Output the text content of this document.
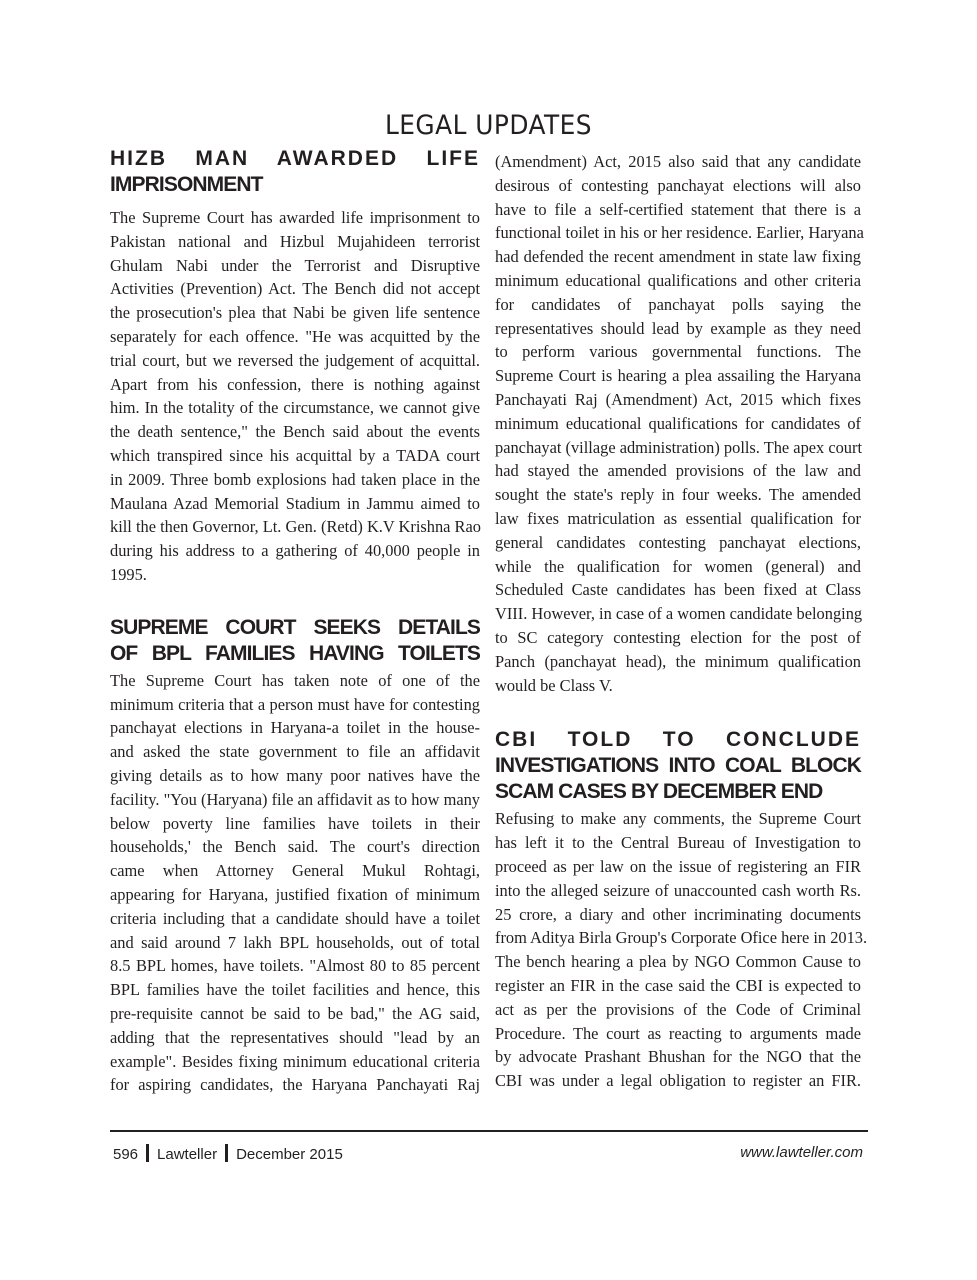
LEGAL UPDATES
HIZB MAN AWARDED LIFE
IMPRISONMENT
The Supreme Court has awarded life imprisonment to
Pakistan national and Hizbul Mujahideen terrorist
Ghulam Nabi under the Terrorist and Disruptive
Activities (Prevention) Act. The Bench did not accept
the prosecution's plea that Nabi be given life sentence
separately for each offence. "He was acquitted by the
trial court, but we reversed the judgement of acquittal.
Apart from his confession, there is nothing against
him. In the totality of the circumstance, we cannot give
the death sentence," the Bench said about the events
which transpired since his acquittal by a TADA court
in 2009. Three bomb explosions had taken place in the
Maulana Azad Memorial Stadium in Jammu aimed to
kill the then Governor, Lt. Gen. (Retd) K.V Krishna Rao
during his address to a gathering of 40,000 people in
1995.
SUPREME COURT SEEKS DETAILS
OF BPL FAMILIES HAVING TOILETS
The Supreme Court has taken note of one of the
minimum criteria that a person must have for contesting
panchayat elections in Haryana-a toilet in the house-
and asked the state government to file an affidavit
giving details as to how many poor natives have the
facility. "You (Haryana) file an affidavit as to how many
below poverty line families have toilets in their
households,' the Bench said. The court's direction
came when Attorney General Mukul Rohtagi,
appearing for Haryana, justified fixation of minimum
criteria including that a candidate should have a toilet
and said around 7 lakh BPL households, out of total
8.5 BPL homes, have toilets. "Almost 80 to 85 percent
BPL families have the toilet facilities and hence, this
pre-requisite cannot be said to be bad," the AG said,
adding that the representatives should "lead by an
example". Besides fixing minimum educational criteria
for aspiring candidates, the Haryana Panchayati Raj
(Amendment) Act, 2015 also said that any candidate
desirous of contesting panchayat elections will also
have to file a self-certified statement that there is a
functional toilet in his or her residence. Earlier, Haryana
had defended the recent amendment in state law fixing
minimum educational qualifications and other criteria
for candidates of panchayat polls saying the
representatives should lead by example as they need
to perform various governmental functions. The
Supreme Court is hearing a plea assailing the Haryana
Panchayati Raj (Amendment) Act, 2015 which fixes
minimum educational qualifications for candidates of
panchayat (village administration) polls. The apex court
had stayed the amended provisions of the law and
sought the state's reply in four weeks. The amended
law fixes matriculation as essential qualification for
general candidates contesting panchayat elections,
while the qualification for women (general) and
Scheduled Caste candidates has been fixed at Class
VIII. However, in case of a women candidate belonging
to SC category contesting election for the post of
Panch (panchayat head), the minimum qualification
would be Class V.
CBI TOLD TO CONCLUDE
INVESTIGATIONS INTO COAL BLOCK
SCAM CASES BY DECEMBER END
Refusing to make any comments, the Supreme Court
has left it to the Central Bureau of Investigation to
proceed as per law on the issue of registering an FIR
into the alleged seizure of unaccounted cash worth Rs.
25 crore, a diary and other incriminating documents
from Aditya Birla Group's Corporate Ofice here in 2013.
The bench hearing a plea by NGO Common Cause to
register an FIR in the case said the CBI is expected to
act as per the provisions of the Code of Criminal
Procedure. The court as reacting to arguments made
by advocate Prashant Bhushan for the NGO that the
CBI was under a legal obligation to register an FIR.
596 Lawteller December 2015	www.lawteller.com
